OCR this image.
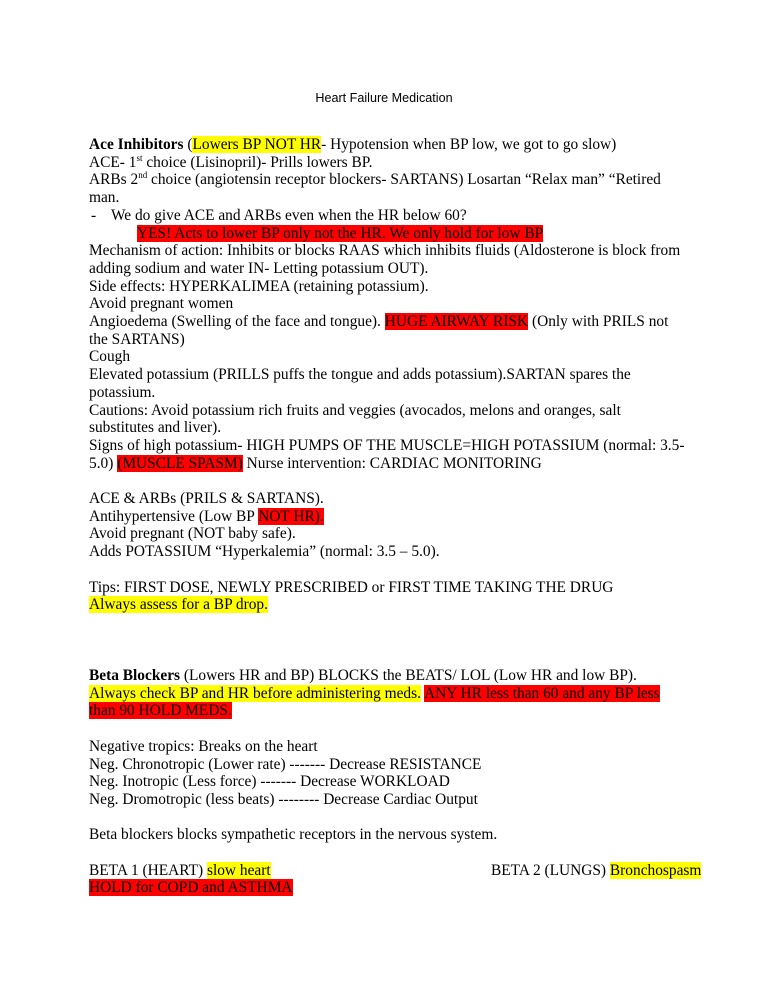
Heart Failure Medication
Ace Inhibitors (Lowers BP NOT HR- Hypotension when BP low, we got to go slow)
ACE- 1st choice (Lisinopril)- Prills lowers BP.
ARBs 2nd choice (angiotensin receptor blockers- SARTANS) Losartan “Relax man” “Retired man.
- We do give ACE and ARBs even when the HR below 60?
YES! Acts to lower BP only not the HR. We only hold for low BP
Mechanism of action: Inhibits or blocks RAAS which inhibits fluids (Aldosterone is block from adding sodium and water IN- Letting potassium OUT).
Side effects: HYPERKALIMEA (retaining potassium).
Avoid pregnant women
Angioedema (Swelling of the face and tongue). HUGE AIRWAY RISK (Only with PRILS not the SARTANS)
Cough
Elevated potassium (PRILLS puffs the tongue and adds potassium).SARTAN spares the potassium.
Cautions: Avoid potassium rich fruits and veggies (avocados, melons and oranges, salt substitutes and liver).
Signs of high potassium- HIGH PUMPS OF THE MUSCLE=HIGH POTASSIUM (normal: 3.5-5.0) (MUSCLE SPASM) Nurse intervention: CARDIAC MONITORING
ACE & ARBs (PRILS & SARTANS).
Antihypertensive (Low BP NOT HR).
Avoid pregnant (NOT baby safe).
Adds POTASSIUM “Hyperkalemia” (normal: 3.5 – 5.0).
Tips: FIRST DOSE, NEWLY PRESCRIBED or FIRST TIME TAKING THE DRUG
Always assess for a BP drop.
Beta Blockers (Lowers HR and BP) BLOCKS the BEATS/ LOL (Low HR and low BP).
Always check BP and HR before administering meds. ANY HR less than 60 and any BP less than 90 HOLD MEDS.
Negative tropics: Breaks on the heart
Neg. Chronotropic (Lower rate) ------- Decrease RESISTANCE
Neg. Inotropic (Less force) ------- Decrease WORKLOAD
Neg. Dromotropic (less beats) -------- Decrease Cardiac Output
Beta blockers blocks sympathetic receptors in the nervous system.
BETA 1 (HEART) slow heart	BETA 2 (LUNGS) Bronchospasm
HOLD for COPD and ASTHMA
